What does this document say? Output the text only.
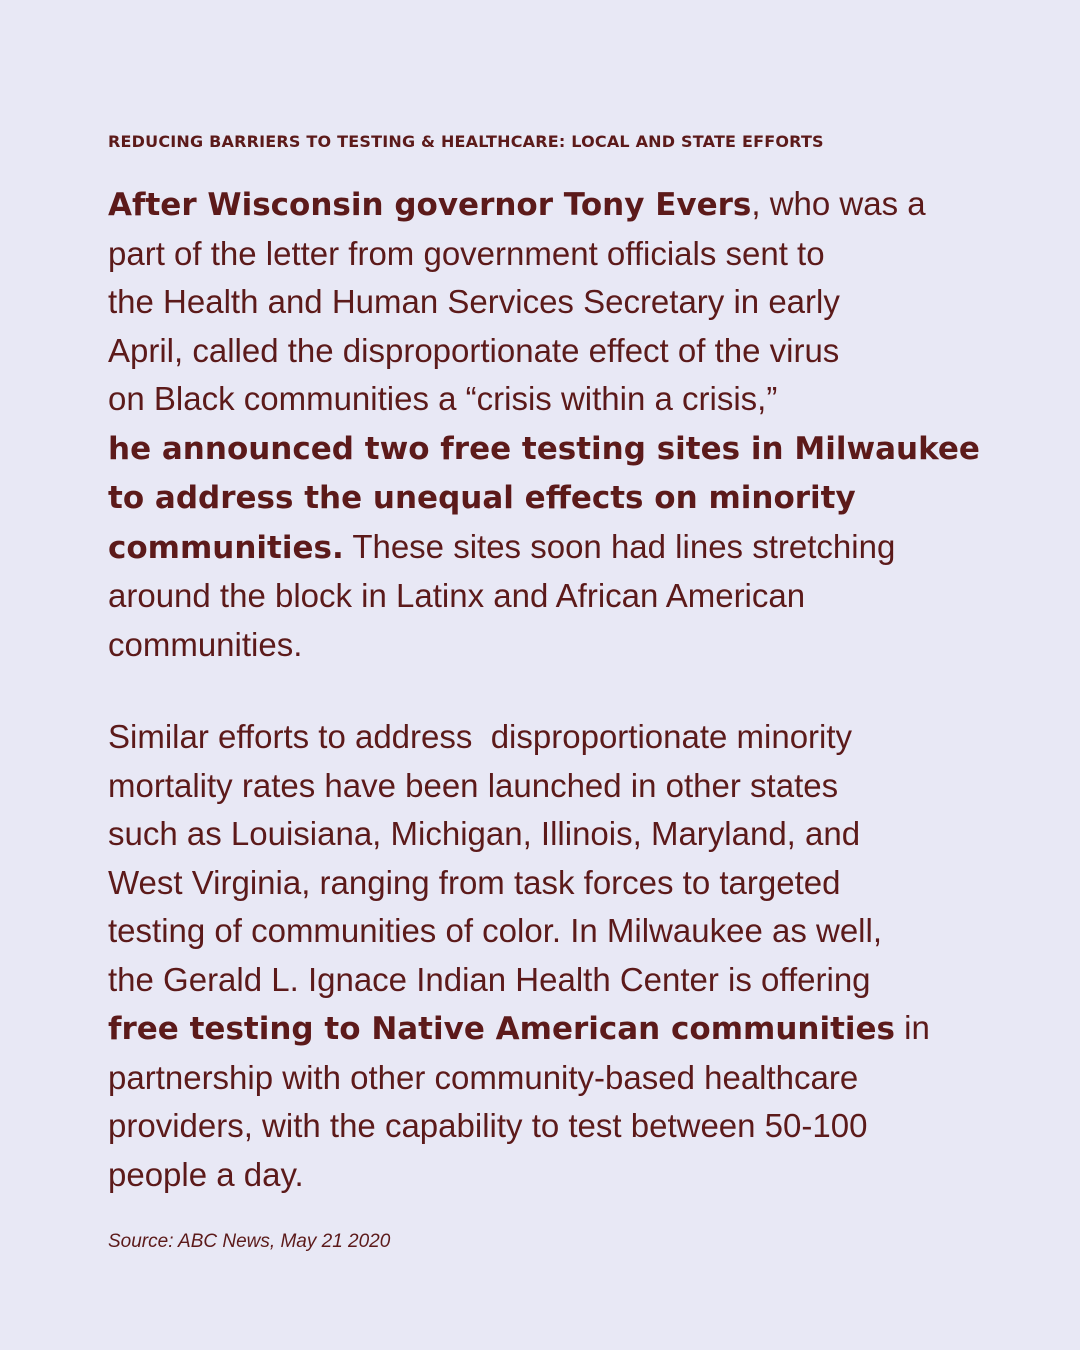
REDUCING BARRIERS TO TESTING & HEALTHCARE: LOCAL AND STATE EFFORTS

After Wisconsin governor Tony Evers, who was a
part of the letter from government officials sent to
the Health and Human Services Secretary in early
April, called the disproportionate effect of the virus
on Black communities a “crisis within a crisis,”
he announced two free testing sites in Milwaukee
to address the unequal effects on minority
communities. These sites soon had lines stretching
around the block in Latinx and African American
communities.

Similar efforts to address  disproportionate minority
mortality rates have been launched in other states
such as Louisiana, Michigan, Illinois, Maryland, and
West Virginia, ranging from task forces to targeted
testing of communities of color. In Milwaukee as well,
the Gerald L. Ignace Indian Health Center is offering
free testing to Native American communities in
partnership with other community-based healthcare
providers, with the capability to test between 50-100
people a day.

Source: ABC News, May 21 2020
